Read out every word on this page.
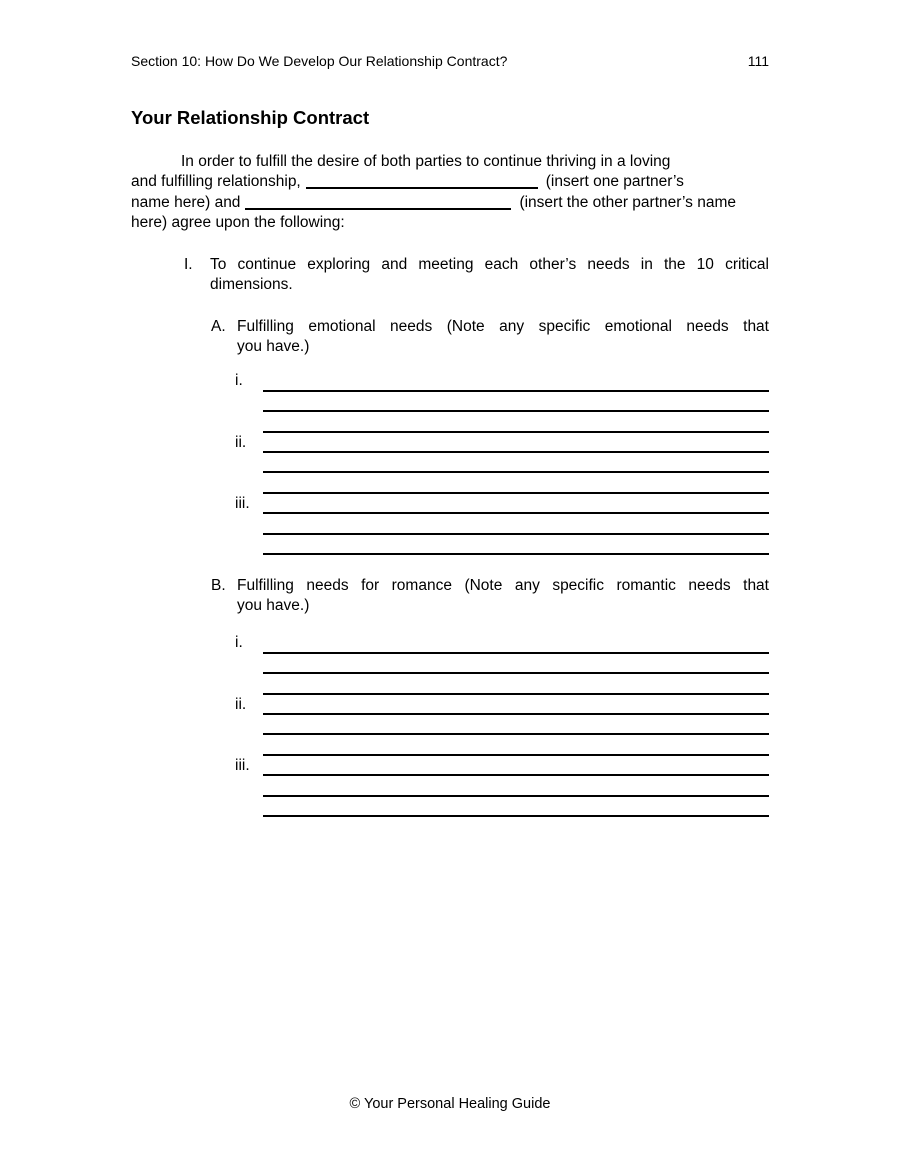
Section 10: How Do We Develop Our Relationship Contract?	111
Your Relationship Contract

In order to fulfill the desire of both parties to continue thriving in a loving
and fulfilling relationship,	(insert one partner’s
name here) and	(insert the other partner’s name
here) agree upon the following:

I.	To continue exploring and meeting each other’s needs in the 10 critical
dimensions.
A. Fulfilling emotional needs (Note any specific emotional needs that
you have.)
i.
ii.
iii.
B. Fulfilling needs for romance (Note any specific romantic needs that
you have.)
i.
ii.
iii.
© Your Personal Healing Guide
